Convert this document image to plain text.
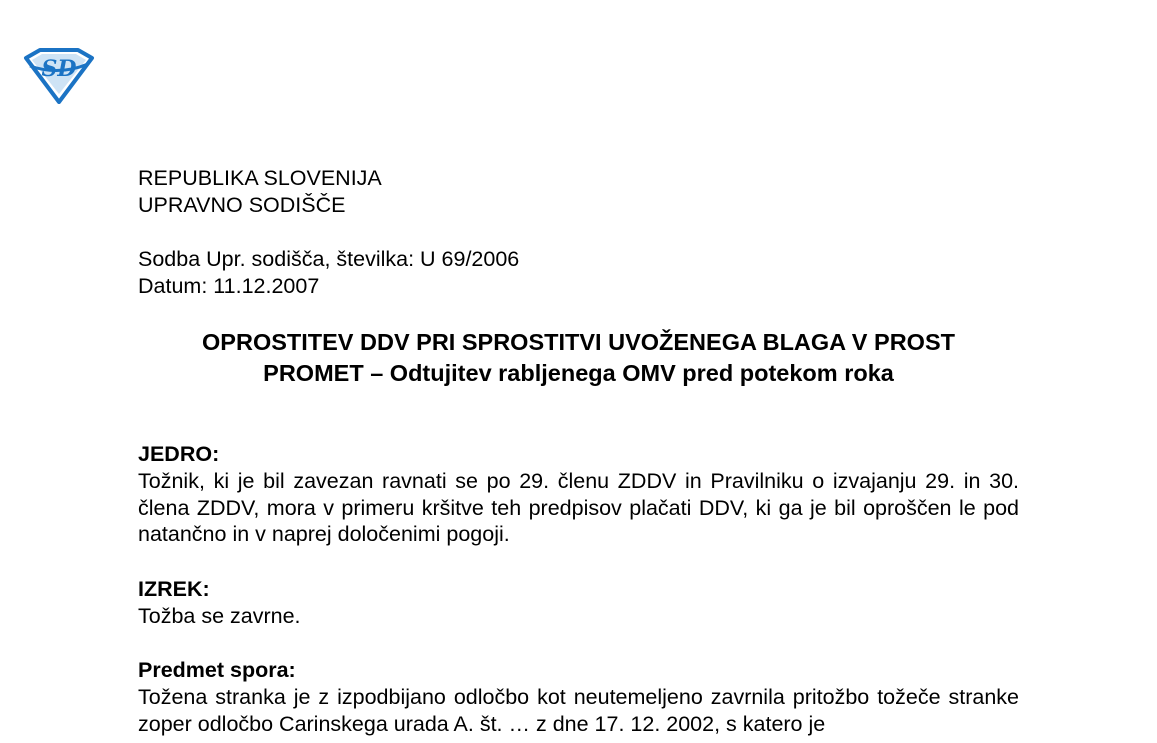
SD
REPUBLIKA SLOVENIJA
UPRAVNO SODIŠČE
Sodba Upr. sodišča, številka: U 69/2006
Datum: 11.12.2007
OPROSTITEV DDV PRI SPROSTITVI UVOŽENEGA BLAGA V PROST
PROMET – Odtujitev rabljenega OMV pred potekom roka
JEDRO:
Tožnik, ki je bil zavezan ravnati se po 29. členu ZDDV in Pravilniku o izvajanju 29. in 30. člena ZDDV, mora v primeru kršitve teh predpisov plačati DDV, ki ga je bil oproščen le pod natančno in v naprej določenimi pogoji.
IZREK:
Tožba se zavrne.
Predmet spora:
Tožena stranka je z izpodbijano odločbo kot neutemeljeno zavrnila pritožbo tožeče stranke zoper odločbo Carinskega urada A. št. … z dne 17. 12. 2002, s katero je
